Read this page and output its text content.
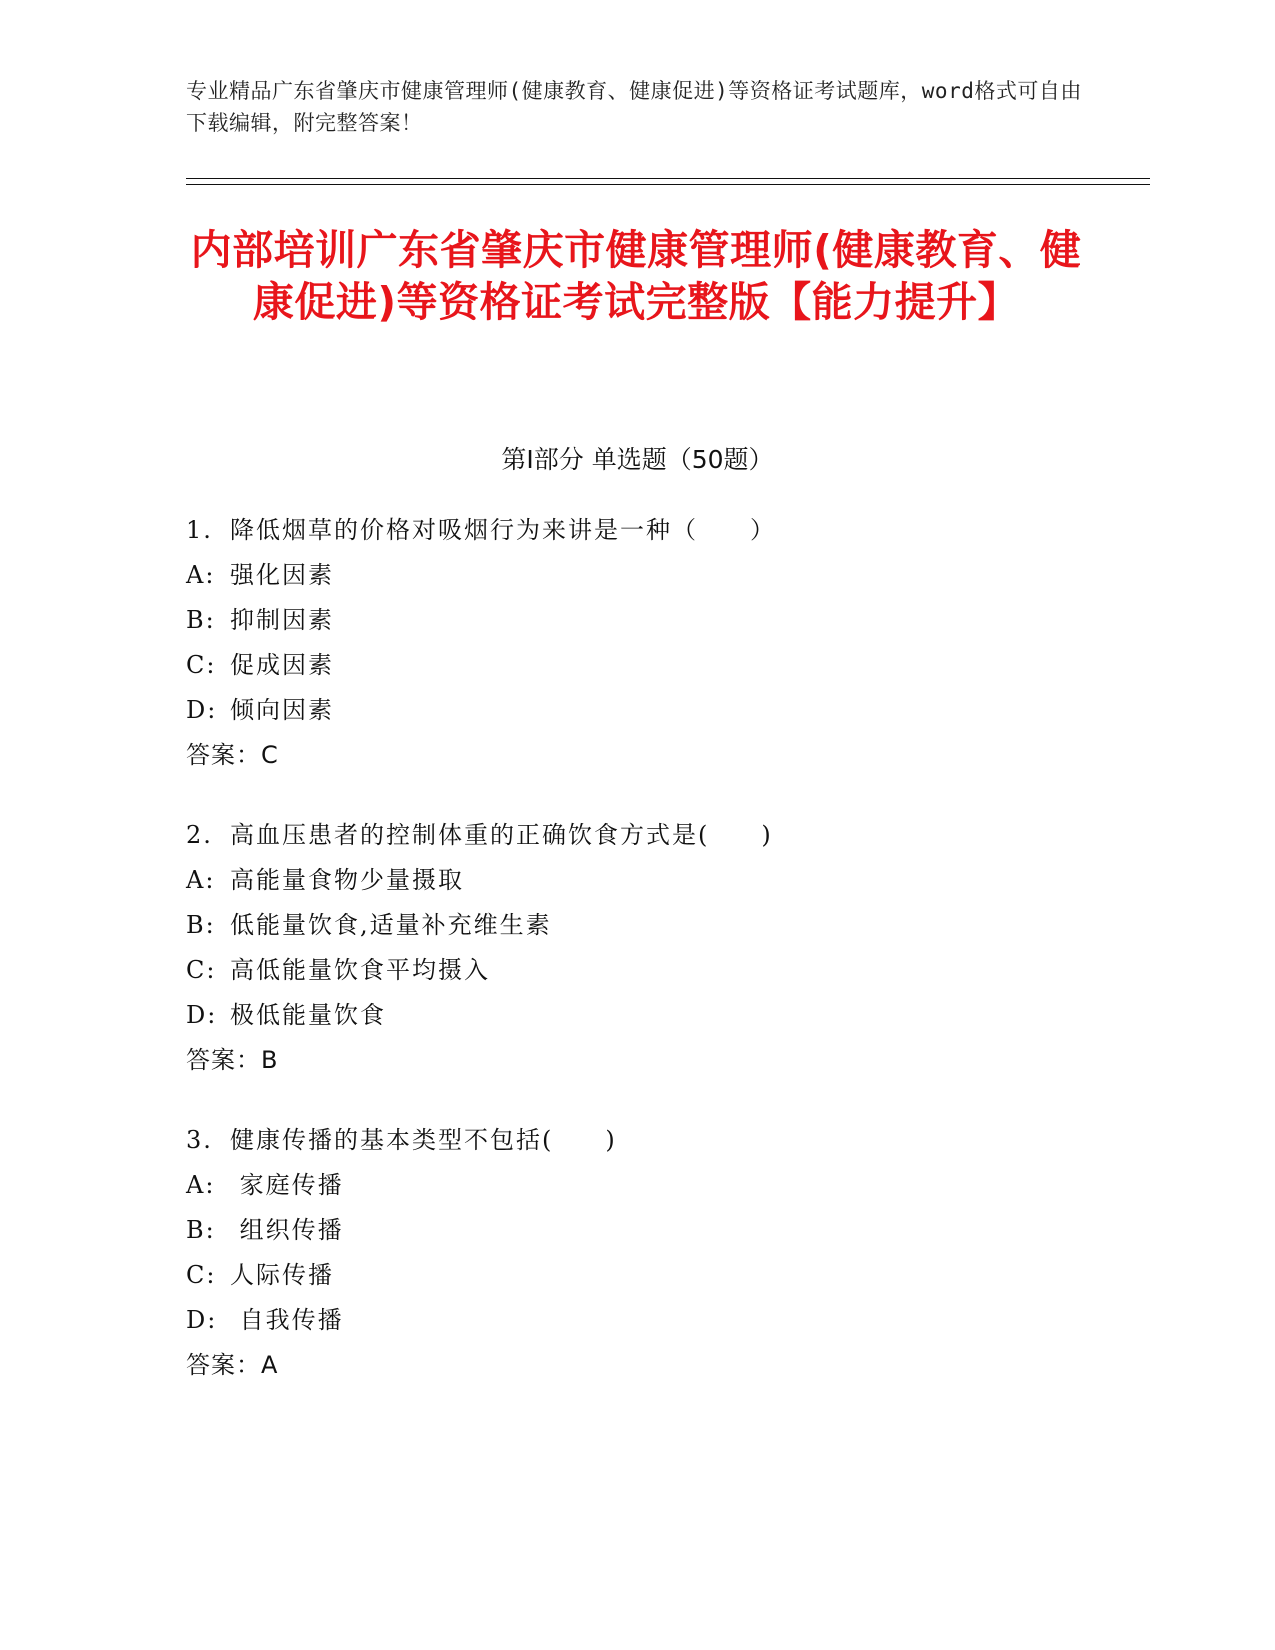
专业精品广东省肇庆市健康管理师(健康教育、健康促进)等资格证考试题库，word格式可自由下载编辑，附完整答案！
内部培训广东省肇庆市健康管理师(健康教育、健康促进)等资格证考试完整版【能力提升】
第Ⅰ部分 单选题（50题）
1. 降低烟草的价格对吸烟行为来讲是一种（　　）
A: 强化因素
B: 抑制因素
C: 促成因素
D: 倾向因素
答案：C
2. 高血压患者的控制体重的正确饮食方式是(　　)
A: 高能量食物少量摄取
B: 低能量饮食,适量补充维生素
C: 高低能量饮食平均摄入
D: 极低能量饮食
答案：B
3. 健康传播的基本类型不包括(　　)
A: 家庭传播
B: 组织传播
C: 人际传播
D: 自我传播
答案：A
